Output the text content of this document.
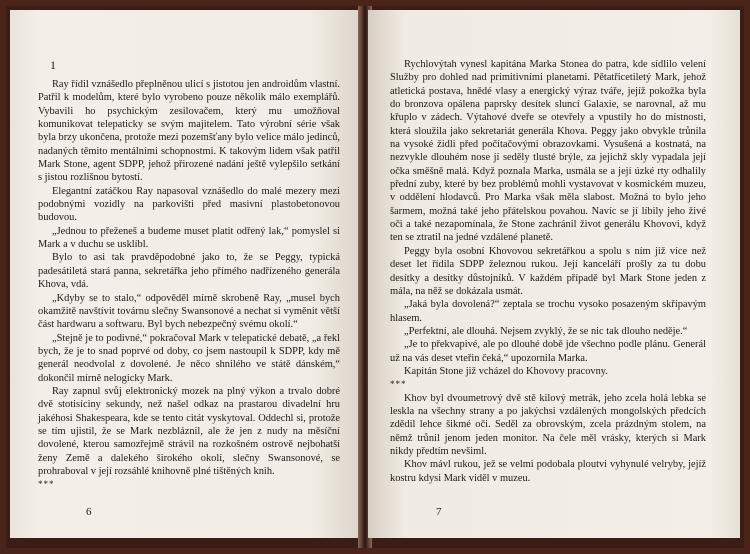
1

Ray řídil vznášedlo přeplněnou ulicí s jistotou jen androidům vlastní. Patřil k modelům, které bylo vyrobeno pouze několik málo exemplářů. Vybavili ho psychickým zesilovačem, který mu umožňoval komunikovat telepaticky se svým majitelem. Tato výrobní série však byla brzy ukončena, protože mezi pozemšťany bylo velice málo jedinců, nadaných těmito mentálními schopnostmi. K takovým lidem však patřil Mark Stone, agent SDPP, jehož přirozené nadání ještě vylepšilo setkání s jistou rozlišnou bytostí.

Elegantní zatáčkou Ray napasoval vznášedlo do malé mezery mezi podobnými vozidly na parkovišti před masivní plastobetonovou budovou.

„Jednou to přeženeš a budeme muset platit odřený lak,“ pomyslel si Mark a v duchu se usklíbl.

Bylo to asi tak pravděpodobné jako to, že se Peggy, typická padesátiletá stará panna, sekretářka jeho přímého nadřízeného generála Khova, vdá.

„Kdyby se to stalo,“ odpověděl mírně skrobeně Ray, „musel bych okamžitě navštívit továrnu slečny Swansonové a nechat si vyměnit větší část hardwaru a softwaru. Byl bych nebezpečný svému okolí.“

„Stejně je to podivné,“ pokračoval Mark v telepatické debatě, „a řekl bych, že je to snad poprvé od doby, co jsem nastoupil k SDPP, kdy mě generál neodvolal z dovolené. Je něco shnilého ve státě dánském,“ dokončil mírně nelogicky Mark.

Ray zapnul svůj elektronický mozek na plný výkon a trvalo dobré dvě stotisíciny sekundy, než našel odkaz na prastarou divadelní hru jakéhosi Shakespeara, kde se tento citát vyskytoval. Oddechl si, protože se tím ujistil, že se Mark nezbláznil, ale že jen z nudy na měsíční dovolené, kterou samozřejmě strávil na rozkošném ostrově nejbohatší ženy Země a dalekého širokého okolí, slečny Swansonové, se prohraboval v její rozsáhlé knihovně plné tištěných knih.

***

6

Rychlovýtah vynesl kapitána Marka Stonea do patra, kde sídlilo velení Služby pro dohled nad primitivními planetami. Pětatřicetiletý Mark, jehož atletická postava, hnědé vlasy a energický výraz tváře, jejíž pokožka byla do bronzova opálena paprsky desítek sluncí Galaxie, se narovnal, až mu křuplo v zádech. Výtahové dveře se otevřely a vpustily ho do místnosti, která sloužila jako sekretariát generála Khova. Peggy jako obvykle trůnila na vysoké židli před počítačovými obrazovkami. Vysušená a kostnatá, na nezvykle dlouhém nose jí seděly tlusté brýle, za jejichž skly vypadala její očka směšně malá. Když poznala Marka, usmála se a její úzké rty odhalily přední zuby, které by bez problémů mohli vystavovat v kosmickém muzeu, v oddělení hlodavců. Pro Marka však měla slabost. Možná to bylo jeho šarmem, možná také jeho přátelskou povahou. Navíc se jí líbily jeho živé oči a také nezapomínala, že Stone zachránil život generálu Khovovi, když ten se ztratil na jedné vzdálené planetě.

Peggy byla osobní Khovovou sekretářkou a spolu s ním již více než deset let řídila SDPP železnou rukou. Její kanceláří prošly za tu dobu desítky a desítky důstojníků. V každém případě byl Mark Stone jeden z mála, na něž se dokázala usmát.

„Jaká byla dovolená?“ zeptala se trochu vysoko posazeným skřípavým hlasem.

„Perfektní, ale dlouhá. Nejsem zvyklý, že se nic tak dlouho neděje.“

„Je to překvapivé, ale po dlouhé době jde všechno podle plánu. Generál už na vás deset vteřin čeká,“ upozornila Marka.

Kapitán Stone již vcházel do Khovovy pracovny.

***

Khov byl dvoumetrový dvě stě kilový metrák, jeho zcela holá lebka se leskla na všechny strany a po jakýchsi vzdálených mongolských předcích zdědil lehce šikmé oči. Seděl za obrovským, zcela prázdným stolem, na němž trůnil jenom jeden monitor. Na čele měl vrásky, kterých si Mark nikdy předtím nevšiml.

Khov mávl rukou, jež se velmi podobala ploutvi vyhynulé velryby, jejíž kostru kdysi Mark viděl v muzeu.

7
